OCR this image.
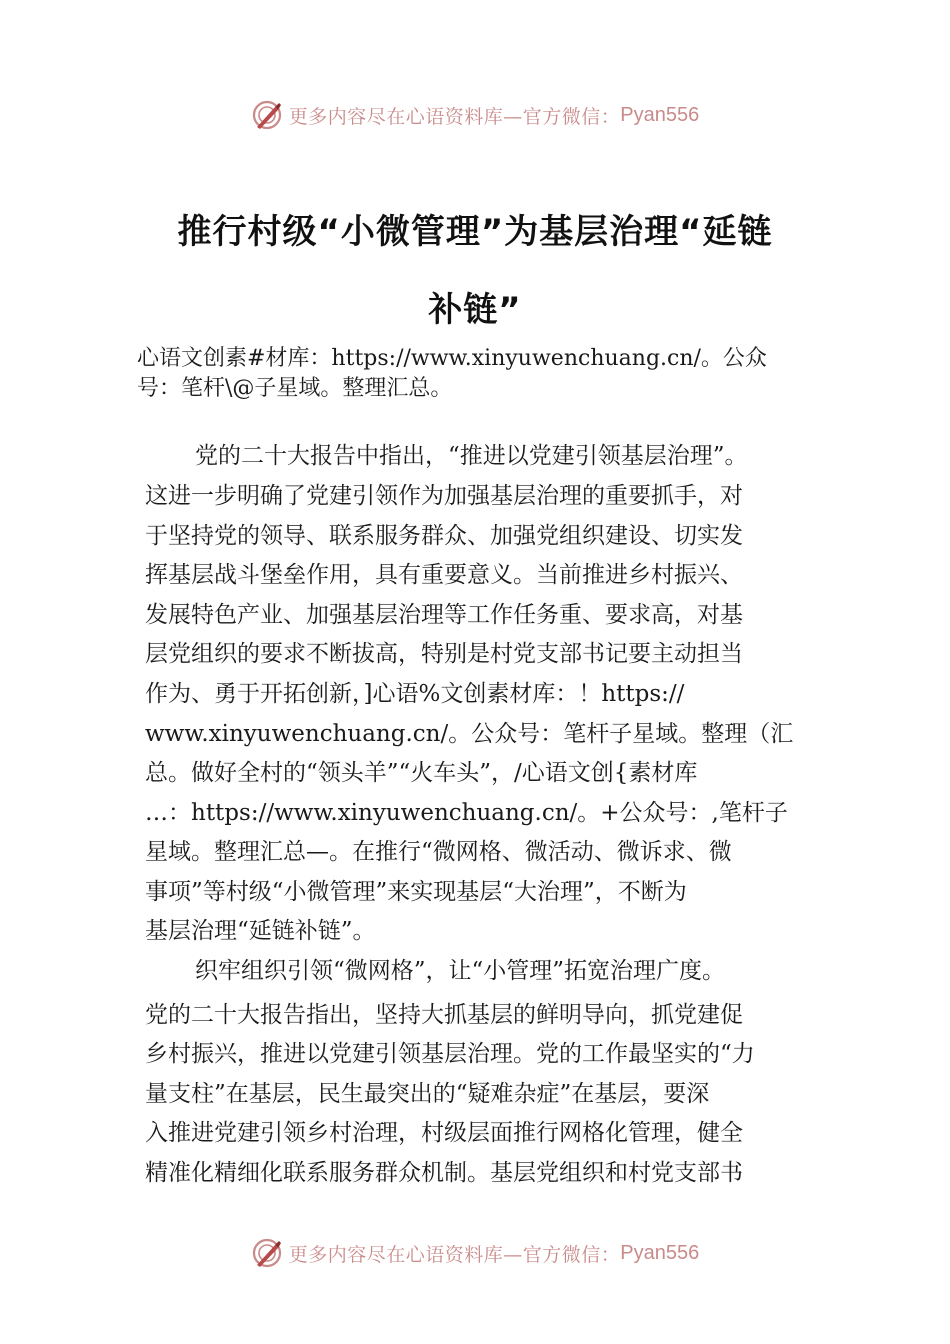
更多内容尽在心语资料库—官方微信： Pyan556
推行村级“小微管理”为基层治理“延链
补链”

心语文创素#材库：https://www.xinyuwenchuang.cn/。公众
号：笔杆\@子星域。整理汇总。

党的二十大报告中指出，“推进以党建引领基层治理”。

这进一步明确了党建引领作为加强基层治理的重要抓手，对

于坚持党的领导、联系服务群众、加强党组织建设、切实发

挥基层战斗堡垒作用，具有重要意义。当前推进乡村振兴、

发展特色产业、加强基层治理等工作任务重、要求高，对基

层党组织的要求不断拔高，特别是村党支部书记要主动担当

作为、勇于开拓创新，]心语%文创素材库：！https://

www.xinyuwenchuang.cn/。公众号：笔杆子星域。整理（汇

总。做好全村的“领头羊”“火车头”，/心语文创{素材库

…：https://www.xinyuwenchuang.cn/。+公众号：,笔杆子

星域。整理汇总—。在推行“微网格、微活动、微诉求、微

事项”等村级“小微管理”来实现基层“大治理”，不断为

基层治理“延链补链”。

织牢组织引领“微网格”，让“小管理”拓宽治理广度。

党的二十大报告指出，坚持大抓基层的鲜明导向，抓党建促

乡村振兴，推进以党建引领基层治理。党的工作最坚实的“力

量支柱”在基层，民生最突出的“疑难杂症”在基层，要深

入推进党建引领乡村治理，村级层面推行网格化管理，健全

精准化精细化联系服务群众机制。基层党组织和村党支部书

更多内容尽在心语资料库—官方微信： Pyan556
